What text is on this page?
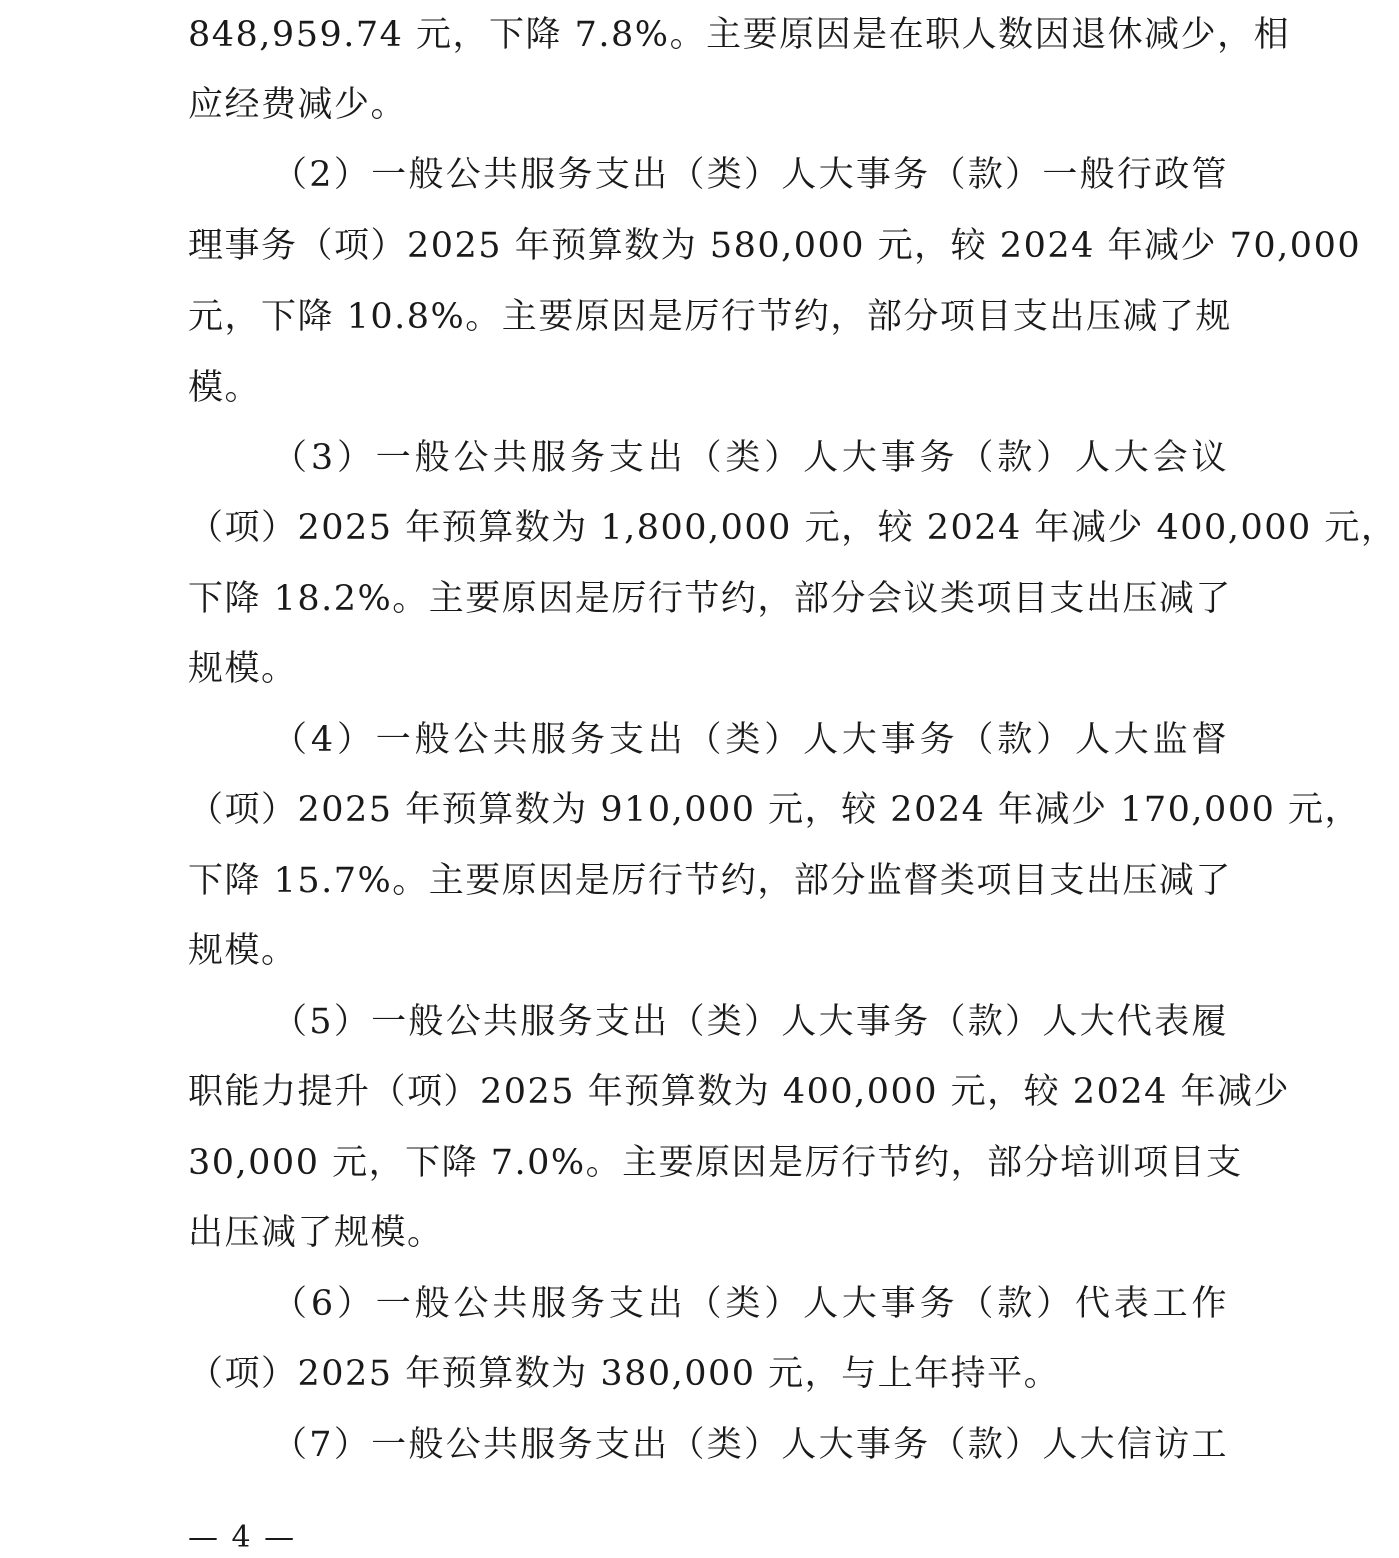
848,959.74 元，下降 7.8%。主要原因是在职人数因退休减少，相
应经费减少。
（2）一般公共服务支出（类）人大事务（款）一般行政管
理事务（项）2025 年预算数为 580,000 元，较 2024 年减少 70,000
元，下降 10.8%。主要原因是厉行节约，部分项目支出压减了规
模。
（3）一般公共服务支出（类）人大事务（款）人大会议
（项）2025 年预算数为 1,800,000 元，较 2024 年减少 400,000 元，
下降 18.2%。主要原因是厉行节约，部分会议类项目支出压减了
规模。
（4）一般公共服务支出（类）人大事务（款）人大监督
（项）2025 年预算数为 910,000 元，较 2024 年减少 170,000 元，
下降 15.7%。主要原因是厉行节约，部分监督类项目支出压减了
规模。
（5）一般公共服务支出（类）人大事务（款）人大代表履
职能力提升（项）2025 年预算数为 400,000 元，较 2024 年减少
30,000 元，下降 7.0%。主要原因是厉行节约，部分培训项目支
出压减了规模。
（6）一般公共服务支出（类）人大事务（款）代表工作
（项）2025 年预算数为 380,000 元，与上年持平。
（7）一般公共服务支出（类）人大事务（款）人大信访工
— 4 —
